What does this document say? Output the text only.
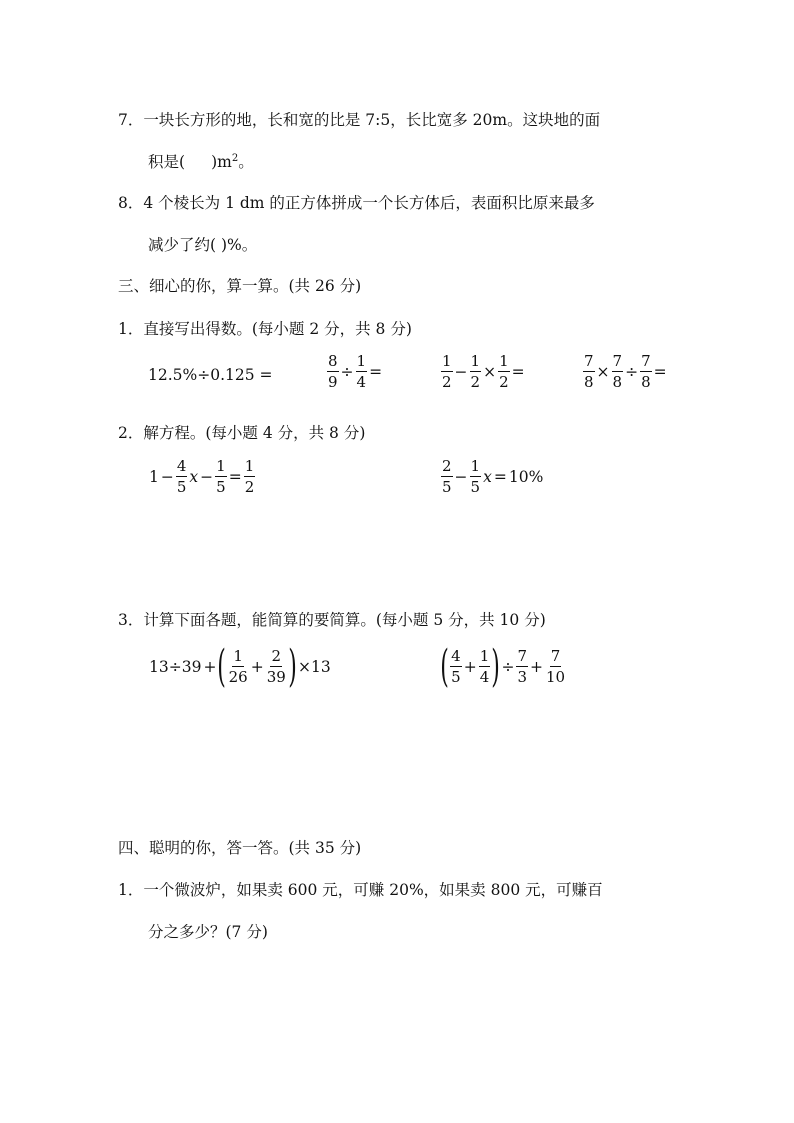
7．一块长方形的地，长和宽的比是 7:5，长比宽多 20m。这块地的面
积是( )$m^2$。
8．4 个棱长为 1 dm 的正方体拼成一个长方体后，表面积比原来最多
减少了约( )%。
三、细心的你，算一算。(共 26 分)
1．直接写出得数。(每小题 2 分，共 8 分)
12.5%÷0.125 =	$\frac{8}{9} \div \frac{1}{4}$ =	$\frac{1}{2} - \frac{1}{2} \times \frac{1}{2}$ =	$\frac{7}{8} \times \frac{7}{8} \div \frac{7}{8}$ =
2．解方程。(每小题 4 分，共 8 分)
$1 - \frac{4}{5}$ $x - \frac{1}{5} = \frac{1}{2}$	$\frac{2}{5} - \frac{1}{5}$ x = 10%
3．计算下面各题，能简算的要简算。(每小题 5 分，共 10 分)
13÷39 + ( $\frac{1}{26} + \frac{2}{39}$ ) ×13 ( $\frac{4}{5} + \frac{1}{4}$ ) ÷ $\frac{7}{3} + \frac{7}{10}$
四、聪明的你，答一答。(共 35 分)
1．一个微波炉，如果卖 600 元，可赚 20%，如果卖 800 元，可赚百
分之多少？(7 分)
